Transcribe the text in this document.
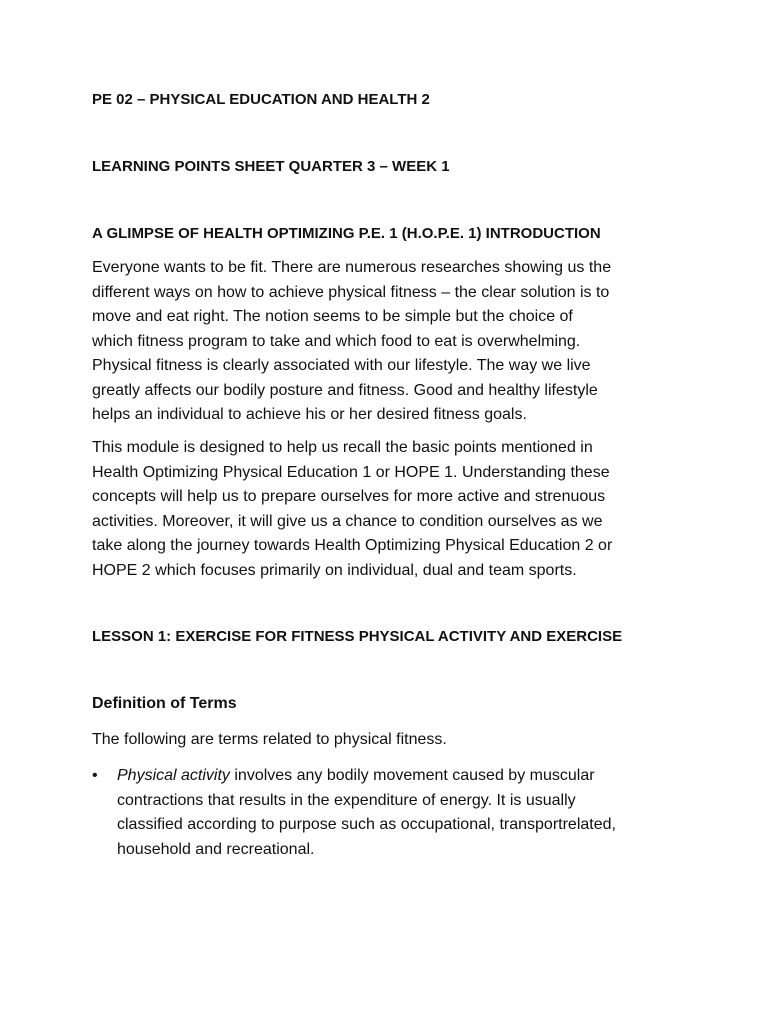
PE 02 – PHYSICAL EDUCATION AND HEALTH 2
LEARNING POINTS SHEET QUARTER 3 – WEEK 1
A GLIMPSE OF HEALTH OPTIMIZING P.E. 1 (H.O.P.E. 1) INTRODUCTION

Everyone wants to be fit. There are numerous researches showing us the
different ways on how to achieve physical fitness – the clear solution is to
move and eat right. The notion seems to be simple but the choice of
which fitness program to take and which food to eat is overwhelming.
Physical fitness is clearly associated with our lifestyle. The way we live
greatly affects our bodily posture and fitness. Good and healthy lifestyle
helps an individual to achieve his or her desired fitness goals.

This module is designed to help us recall the basic points mentioned in
Health Optimizing Physical Education 1 or HOPE 1. Understanding these
concepts will help us to prepare ourselves for more active and strenuous
activities. Moreover, it will give us a chance to condition ourselves as we
take along the journey towards Health Optimizing Physical Education 2 or
HOPE 2 which focuses primarily on individual, dual and team sports.

LESSON 1: EXERCISE FOR FITNESS PHYSICAL ACTIVITY AND EXERCISE
Definition of Terms

The following are terms related to physical fitness.

• Physical activity involves any bodily movement caused by muscular
contractions that results in the expenditure of energy. It is usually
classified according to purpose such as occupational, transportrelated,
household and recreational.
